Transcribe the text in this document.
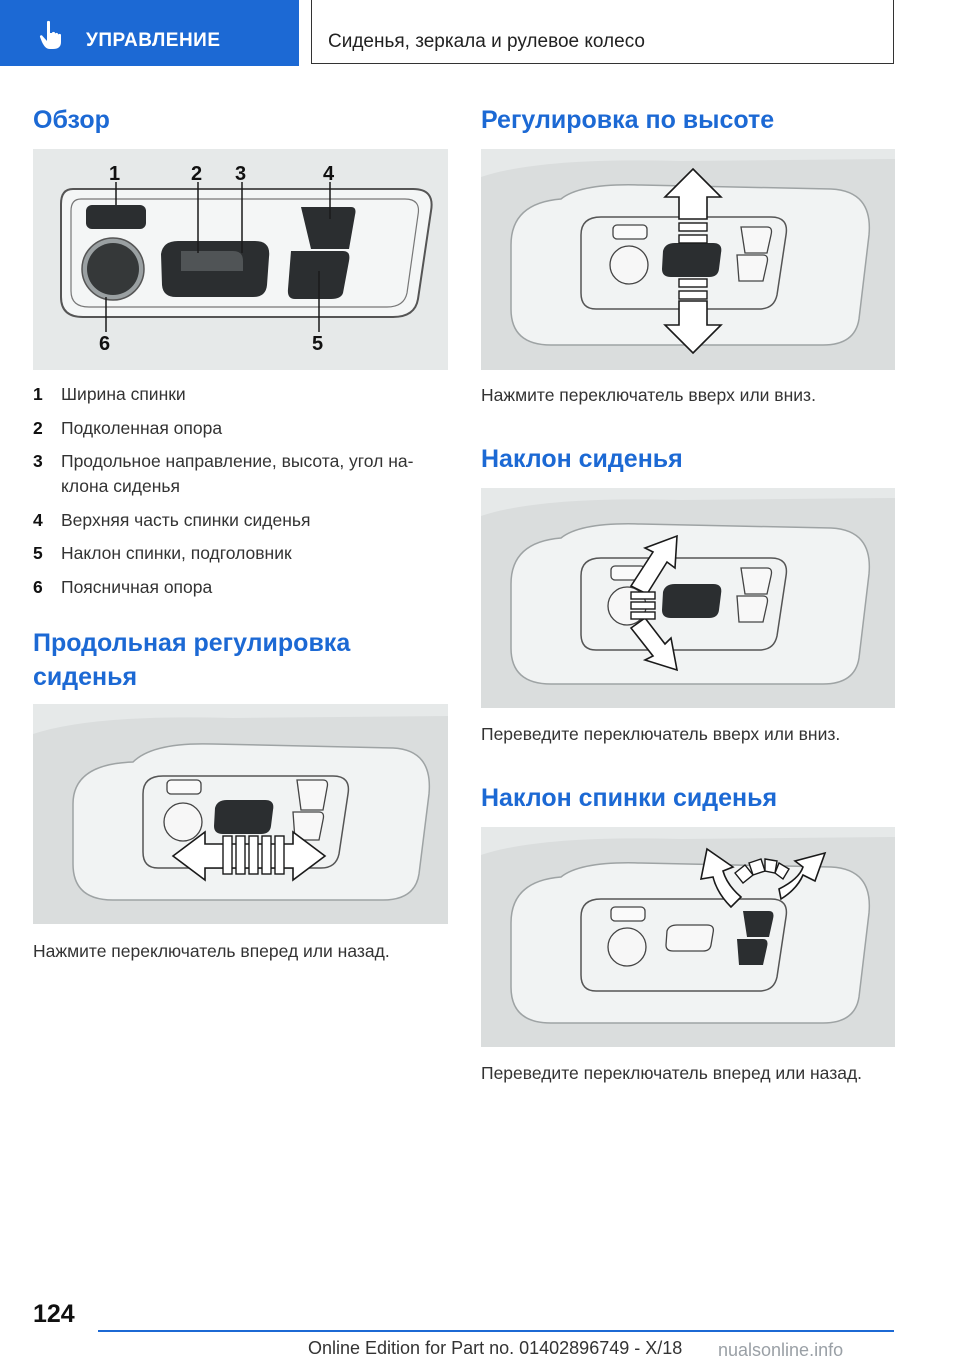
УПРАВЛЕНИЕ	Сиденья, зеркала и рулевое колесо
Обзор
1	2 3	4
5
6
1 Ширина спинки
2 Подколенная опора
3 Продольное направление, высота, угол на‐клона сиденья
4 Верхняя часть спинки сиденья
5 Наклон спинки, подголовник
6 Поясничная опора
Продольная регулировка сиденья
Нажмите переключатель вперед или назад.
Регулировка по высоте
Нажмите переключатель вверх или вниз.
Наклон сиденья
Переведите переключатель вверх или вниз.
Наклон спинки сиденья
Переведите переключатель вперед или назад.
124
Online Edition for Part no. 01402896749 - X/18 nualsonline.info
